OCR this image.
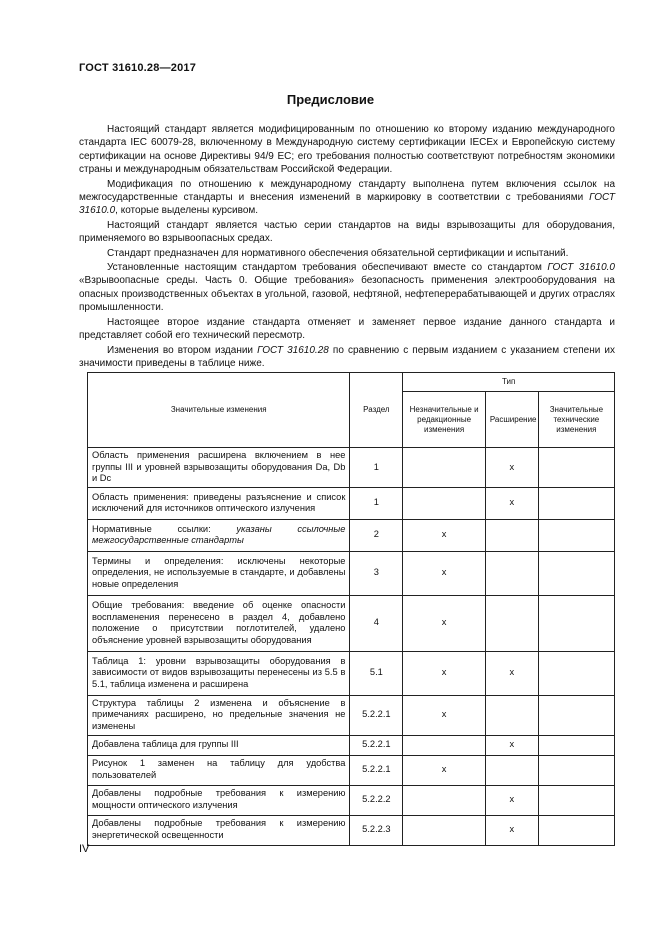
ГОСТ 31610.28—2017
Предисловие

Настоящий стандарт является модифицированным по отношению ко второму изданию международного стандарта IEC 60079-28, включенному в Международную систему сертификации IECEx и Европейскую систему сертификации на основе Директивы 94/9 ЕС; его требования полностью соответствуют потребностям экономики страны и международным обязательствам Российской Федерации.

Модификация по отношению к международному стандарту выполнена путем включения ссылок на межгосударственные стандарты и внесения изменений в маркировку в соответствии с требованиями ГОСТ 31610.0, которые выделены курсивом.

Настоящий стандарт является частью серии стандартов на виды взрывозащиты для оборудования, применяемого во взрывоопасных средах.

Стандарт предназначен для нормативного обеспечения обязательной сертификации и испытаний.

Установленные настоящим стандартом требования обеспечивают вместе со стандартом ГОСТ 31610.0 «Взрывоопасные среды. Часть 0. Общие требования» безопасность применения электрооборудования на опасных производственных объектах в угольной, газовой, нефтяной, нефтеперерабатывающей и других отраслях промышленности.

Настоящее второе издание стандарта отменяет и заменяет первое издание данного стандарта и представляет собой его технический пересмотр.

Изменения во втором издании ГОСТ 31610.28 по сравнению с первым изданием с указанием степени их значимости приведены в таблице ниже.

Значительные изменения	Раздел	Тип		
		Незначительные и редакционные изменения	Расширение	Значительные технические изменения
Область применения расширена включением в нее группы III и уровней взрывозащиты оборудования Da, Db и Dc	1		x	
Область применения: приведены разъяснение и список исключений для источников оптического излучения	1		x	
Нормативные ссылки: указаны ссылочные межгосударственные стандарты	2	x		
Термины и определения: исключены некоторые определения, не используемые в стандарте, и добавлены новые определения	3	x		
Общие требования: введение об оценке опасности воспламенения перенесено в раздел 4, добавлено положение о присутствии поглотителей, удалено объяснение уровней взрывозащиты оборудования	4	x		
Таблица 1: уровни взрывозащиты оборудования в зависимости от видов взрывозащиты перенесены из 5.5 в 5.1, таблица изменена и расширена	5.1	x	x	
Структура таблицы 2 изменена и объяснение в примечаниях расширено, но предельные значения не изменены	5.2.2.1	x		
Добавлена таблица для группы III	5.2.2.1		x	
Рисунок 1 заменен на таблицу для удобства пользователей	5.2.2.1	x		
Добавлены подробные требования к измерению мощности оптического излучения	5.2.2.2		x	
Добавлены подробные требования к измерению энергетической освещенности	5.2.2.3		x	
IV
